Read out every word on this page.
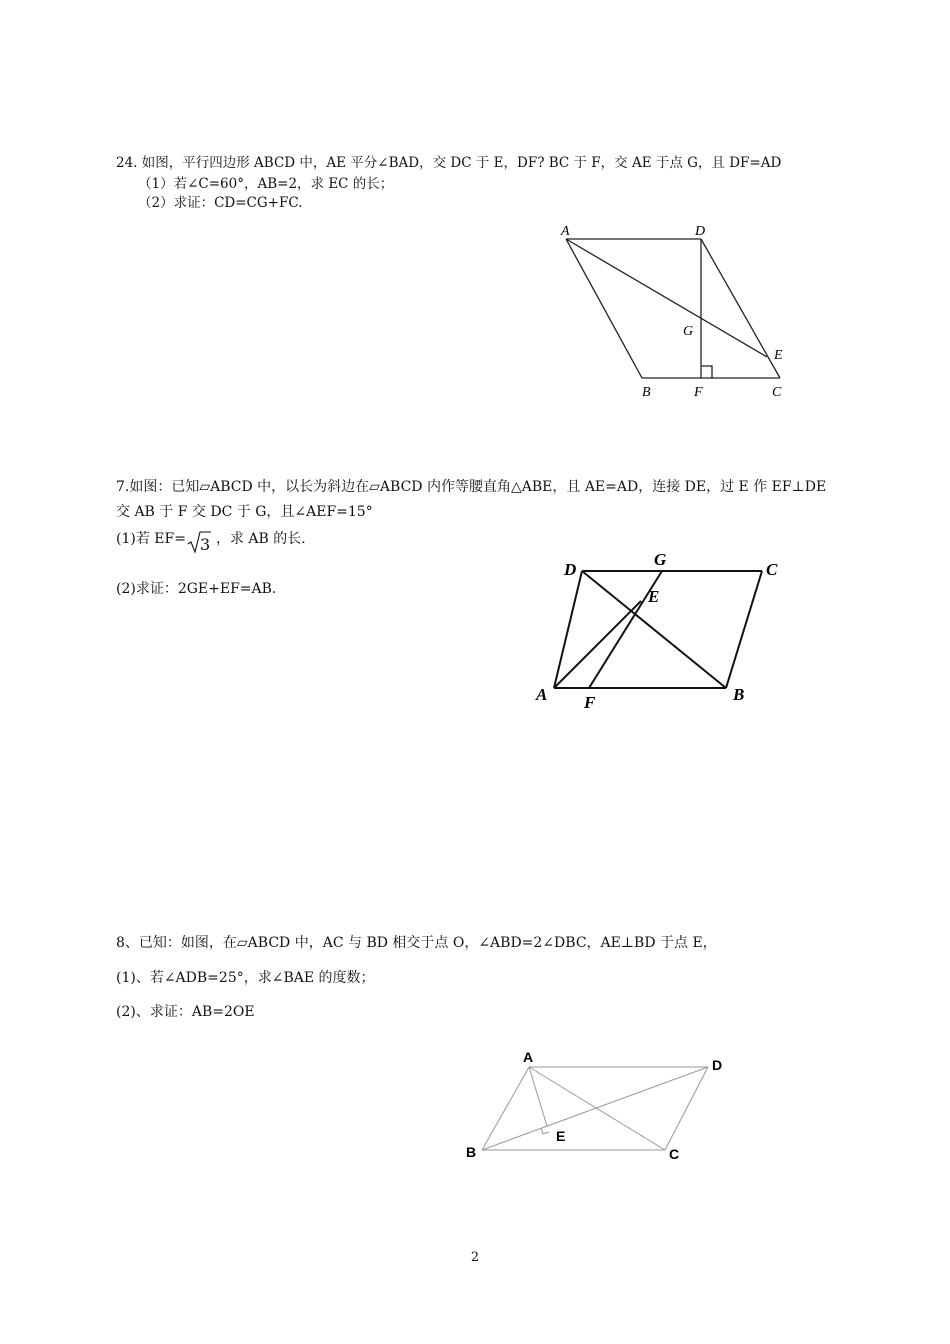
24. 如图，平行四边形 ABCD 中，AE 平分∠BAD，交 DC 于 E，DF? BC 于 F，交 AE 于点 G，且 DF=AD
（1）若∠C=60°，AB=2，求 EC 的长；
（2）求证：CD=CG+FC.
A	D
G
E
B	F	C
7.如图：已知▱ABCD 中，以长为斜边在▱ABCD 内作等腰直角△ABE，且 AE=AD，连接 DE，过 E 作 EF⊥DE
交 AB 于 F 交 DC 于 G，且∠AEF=15°
(1)若 EF= 3 ，求 AB 的长.
(2)求证：2GE+EF=AB.
D
G
C
E
A F	B
8、已知：如图，在▱ABCD 中，AC 与 BD 相交于点 O，∠ABD=2∠DBC，AE⊥BD 于点 E，
(1)、若∠ADB=25°，求∠BAE 的度数；
(2)、求证：AB=2OE
A	D
E
B	C
2
